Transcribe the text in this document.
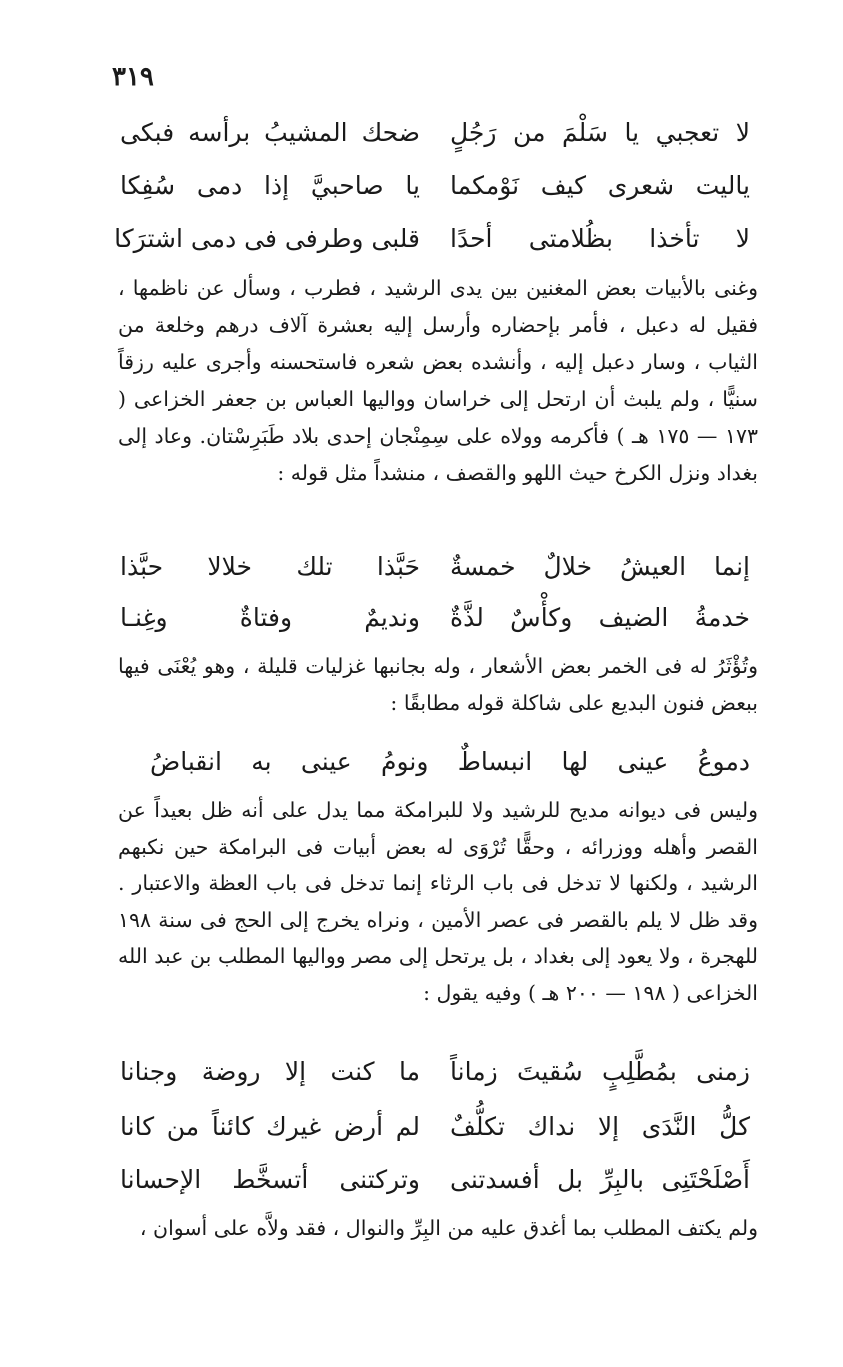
٣١٩
لا تعجبي يا سَلْمَ من رَجُلٍ
ضحك المشيبُ برأسه فبكى
ياليت شعرى كيف نَوْمكما
يا صاحبيَّ إذا دمى سُفِكا
لا تأخذا بظُلامتى أحدًا
قلبى وطرفى فى دمى اشترَكا

وغنى بالأبيات بعض المغنين بين يدى الرشيد ، فطرب ، وسأل عن ناظمها ، فقيل له دعبل ، فأمر بإحضاره وأرسل إليه بعشرة آلاف درهم وخلعة من الثياب ، وسار دعبل إليه ، وأنشده بعض شعره فاستحسنه وأجرى عليه رزقاً سنيًّا ، ولم يلبث أن ارتحل إلى خراسان وواليها العباس بن جعفر الخزاعى ( ١٧٣ — ١٧٥ هـ ) فأكرمه وولاه على سِمِنْجان إحدى بلاد طَبَرِسْتان. وعاد إلى بغداد ونزل الكرخ حيث اللهو والقصف ، منشداً مثل قوله :

إنما العيشُ خلالٌ خمسةٌ
حَبَّذا تلك خلالا حبَّذا
خدمةُ الضيف وكأْسٌ لذَّةٌ
ونديمٌ وفتاةٌ وغِنـا

وتُؤْثَرُ له فى الخمر بعض الأشعار ، وله بجانبها غزليات قليلة ، وهو يُعْنَى فيها ببعض فنون البديع على شاكلة قوله مطابقًا :

دموعُ عينى لها انبساطٌ ونومُ عينى به انقباضُ

وليس فى ديوانه مديح للرشيد ولا للبرامكة مما يدل على أنه ظل بعيداً عن القصر وأهله ووزرائه ، وحقًّا تُرْوَى له بعض أبيات فى البرامكة حين نكبهم الرشيد ، ولكنها لا تدخل فى باب الرثاء إنما تدخل فى باب العظة والاعتبار . وقد ظل لا يلم بالقصر فى عصر الأمين ، ونراه يخرج إلى الحج فى سنة ١٩٨ للهجرة ، ولا يعود إلى بغداد ، بل يرتحل إلى مصر وواليها المطلب بن عبد الله الخزاعى ( ١٩٨ — ٢٠٠ هـ ) وفيه يقول :

زمنى بمُطَّلِبٍ سُقيتَ زماناً
ما كنت إلا روضة وجنانا
كلُّ النَّدَى إلا نداك تكلُّفٌ
لم أرض غيرك كائناً من كانا
أَصْلَحْتَنِى بالبِرِّ بل أفسدتنى
وتركتنى أتسخَّط الإحسانا

ولم يكتف المطلب بما أغدق عليه من البِرِّ والنوال ، فقد ولاَّه على أسوان ،
